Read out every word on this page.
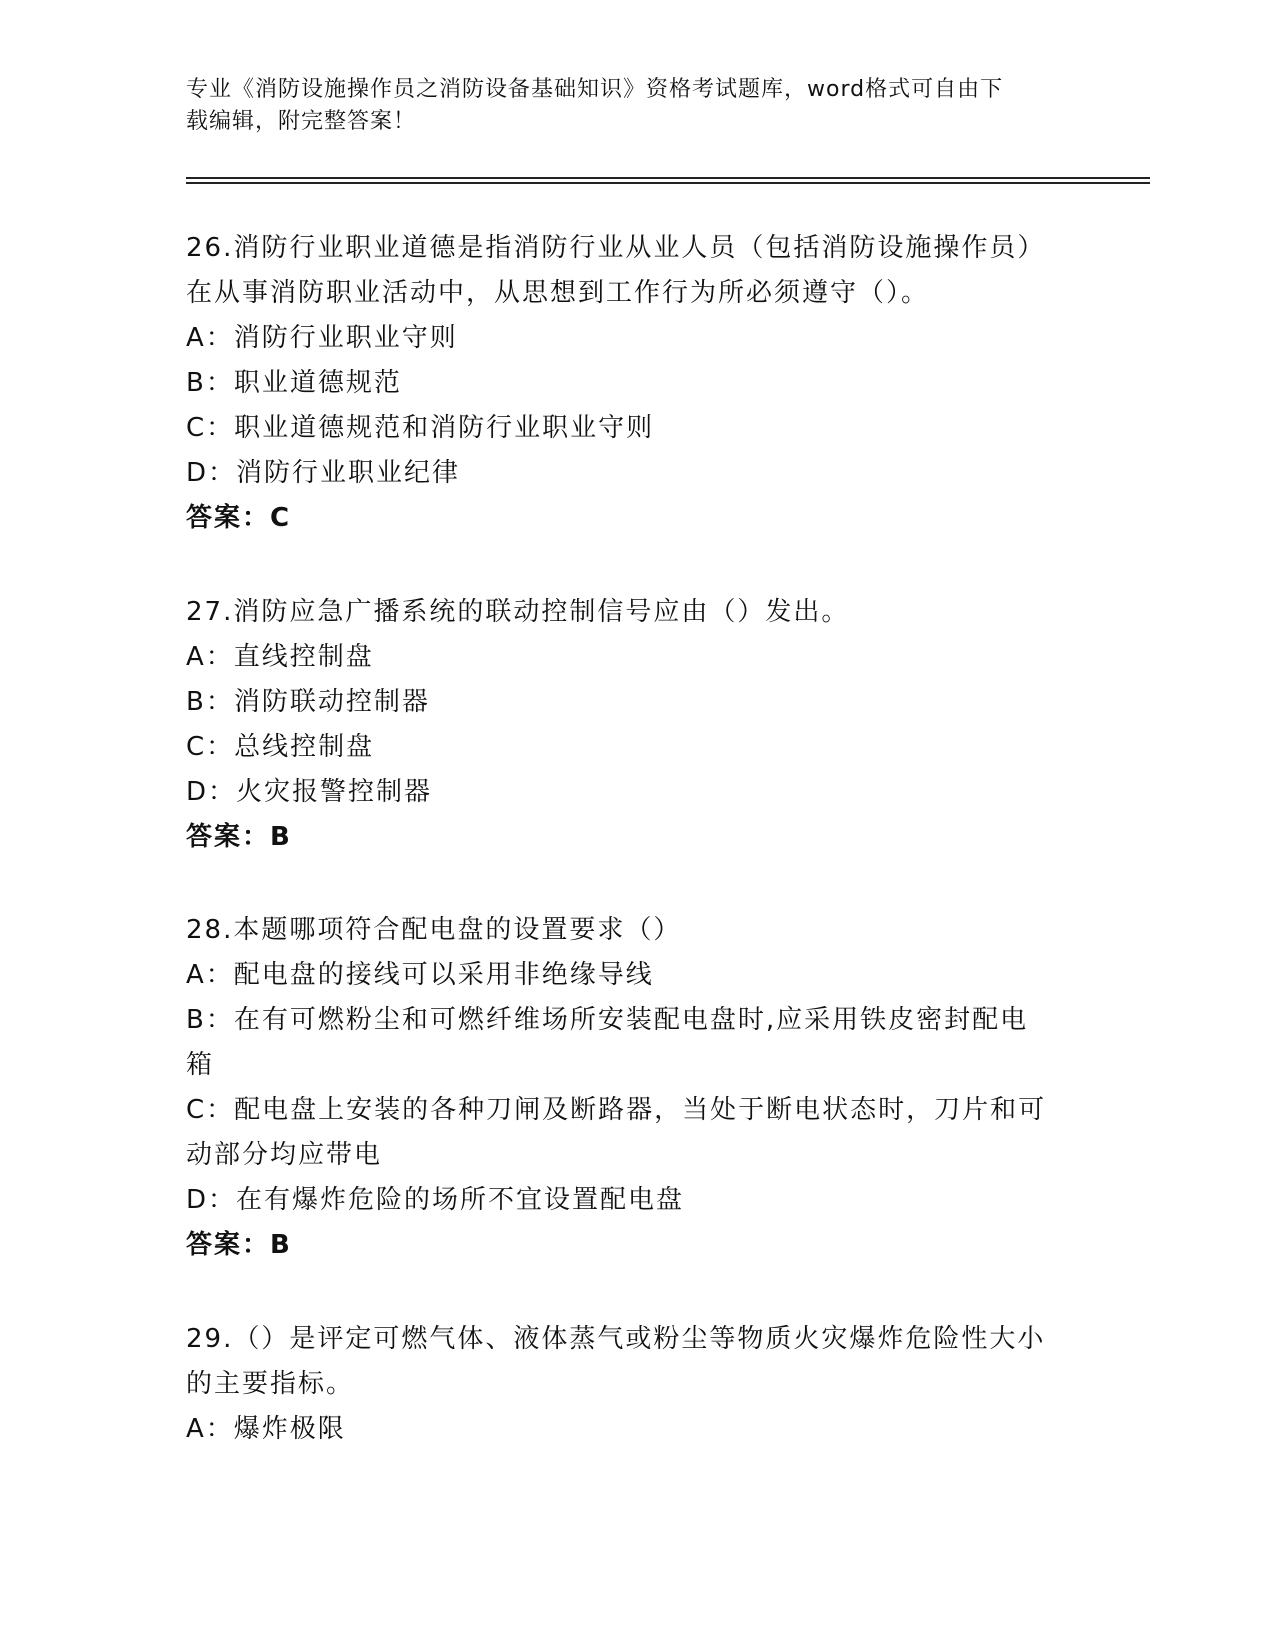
专业《消防设施操作员之消防设备基础知识》资格考试题库，word格式可自由下
载编辑，附完整答案！
26.消防行业职业道德是指消防行业从业人员（包括消防设施操作员）
在从事消防职业活动中，从思想到工作行为所必须遵守（）。
A：消防行业职业守则
B：职业道德规范
C：职业道德规范和消防行业职业守则
D：消防行业职业纪律
答案：C
27.消防应急广播系统的联动控制信号应由（）发出。
A：直线控制盘
B：消防联动控制器
C：总线控制盘
D：火灾报警控制器
答案：B
28.本题哪项符合配电盘的设置要求（）
A：配电盘的接线可以采用非绝缘导线
B：在有可燃粉尘和可燃纤维场所安装配电盘时,应采用铁皮密封配电
箱
C：配电盘上安装的各种刀闸及断路器，当处于断电状态时，刀片和可
动部分均应带电
D：在有爆炸危险的场所不宜设置配电盘
答案：B
29.（）是评定可燃气体、液体蒸气或粉尘等物质火灾爆炸危险性大小
的主要指标。
A：爆炸极限
